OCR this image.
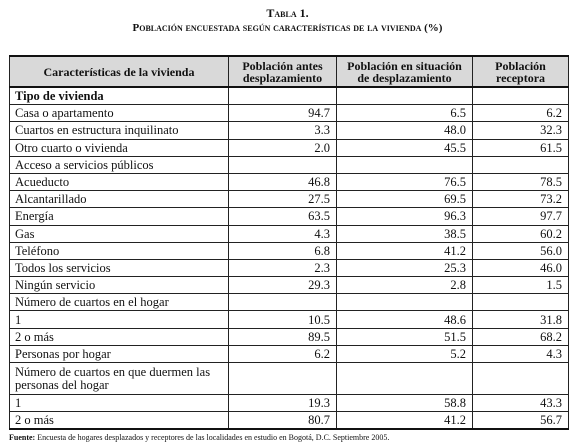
Tabla 1.
Población encuestada según características de la vivienda (%)
Características de la vivienda	Población antes desplazamiento	Población en situación de desplazamiento	Población receptora
Tipo de vivienda			
Casa o apartamento	94.7	6.5	6.2
Cuartos en estructura inquilinato	3.3	48.0	32.3
Otro cuarto o vivienda	2.0	45.5	61.5
Acceso a servicios públicos			
Acueducto	46.8	76.5	78.5
Alcantarillado	27.5	69.5	73.2
Energía	63.5	96.3	97.7
Gas	4.3	38.5	60.2
Teléfono	6.8	41.2	56.0
Todos los servicios	2.3	25.3	46.0
Ningún servicio	29.3	2.8	1.5
Número de cuartos en el hogar			
1	10.5	48.6	31.8
2 o más	89.5	51.5	68.2
Personas por hogar	6.2	5.2	4.3
Número de cuartos en que duermen las personas del hogar			
1	19.3	58.8	43.3
2 o más	80.7	41.2	56.7
Fuente: Encuesta de hogares desplazados y receptores de las localidades en estudio en Bogotá, D.C. Septiembre 2005.
